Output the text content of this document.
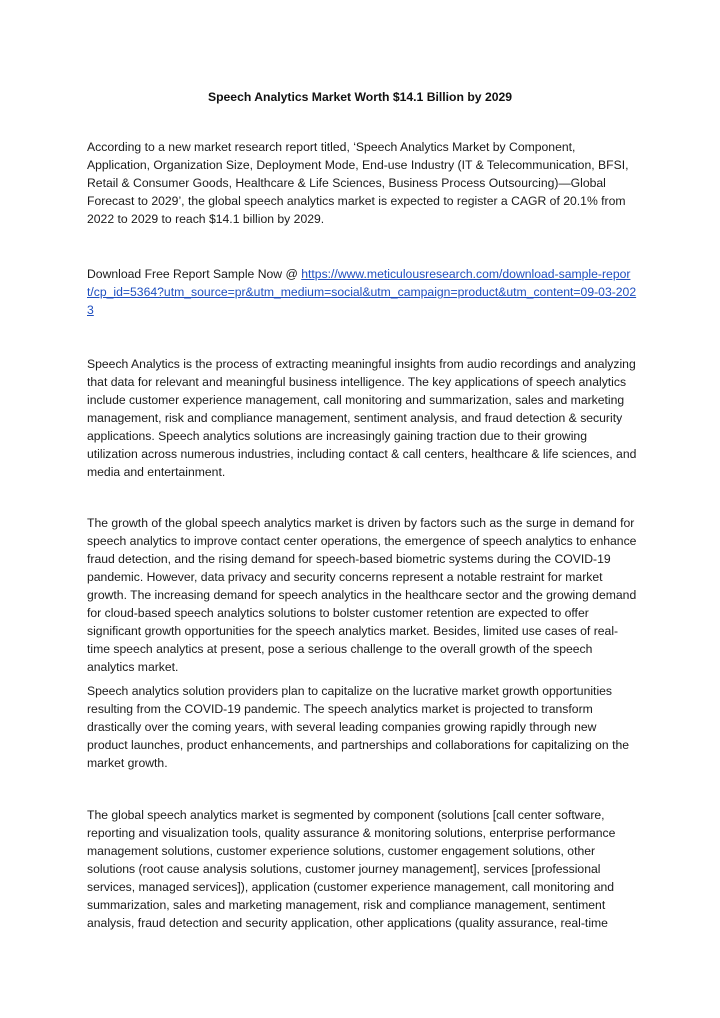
Speech Analytics Market Worth $14.1 Billion by 2029

According to a new market research report titled, ‘Speech Analytics Market by Component, Application, Organization Size, Deployment Mode, End-use Industry (IT & Telecommunication, BFSI, Retail & Consumer Goods, Healthcare & Life Sciences, Business Process Outsourcing)—Global Forecast to 2029’, the global speech analytics market is expected to register a CAGR of 20.1% from 2022 to 2029 to reach $14.1 billion by 2029.

Download Free Report Sample Now @ https://www.meticulousresearch.com/download-sample-report/cp_id=5364?utm_source=pr&utm_medium=social&utm_campaign=product&utm_content=09-03-2023

Speech Analytics is the process of extracting meaningful insights from audio recordings and analyzing that data for relevant and meaningful business intelligence. The key applications of speech analytics include customer experience management, call monitoring and summarization, sales and marketing management, risk and compliance management, sentiment analysis, and fraud detection & security applications. Speech analytics solutions are increasingly gaining traction due to their growing utilization across numerous industries, including contact & call centers, healthcare & life sciences, and media and entertainment.

The growth of the global speech analytics market is driven by factors such as the surge in demand for speech analytics to improve contact center operations, the emergence of speech analytics to enhance fraud detection, and the rising demand for speech-based biometric systems during the COVID-19 pandemic. However, data privacy and security concerns represent a notable restraint for market growth. The increasing demand for speech analytics in the healthcare sector and the growing demand for cloud-based speech analytics solutions to bolster customer retention are expected to offer significant growth opportunities for the speech analytics market. Besides, limited use cases of real-time speech analytics at present, pose a serious challenge to the overall growth of the speech analytics market.

Speech analytics solution providers plan to capitalize on the lucrative market growth opportunities resulting from the COVID-19 pandemic. The speech analytics market is projected to transform drastically over the coming years, with several leading companies growing rapidly through new product launches, product enhancements, and partnerships and collaborations for capitalizing on the market growth.

The global speech analytics market is segmented by component (solutions [call center software, reporting and visualization tools, quality assurance & monitoring solutions, enterprise performance management solutions, customer experience solutions, customer engagement solutions, other solutions (root cause analysis solutions, customer journey management], services [professional services, managed services]), application (customer experience management, call monitoring and summarization, sales and marketing management, risk and compliance management, sentiment analysis, fraud detection and security application, other applications (quality assurance, real-time
